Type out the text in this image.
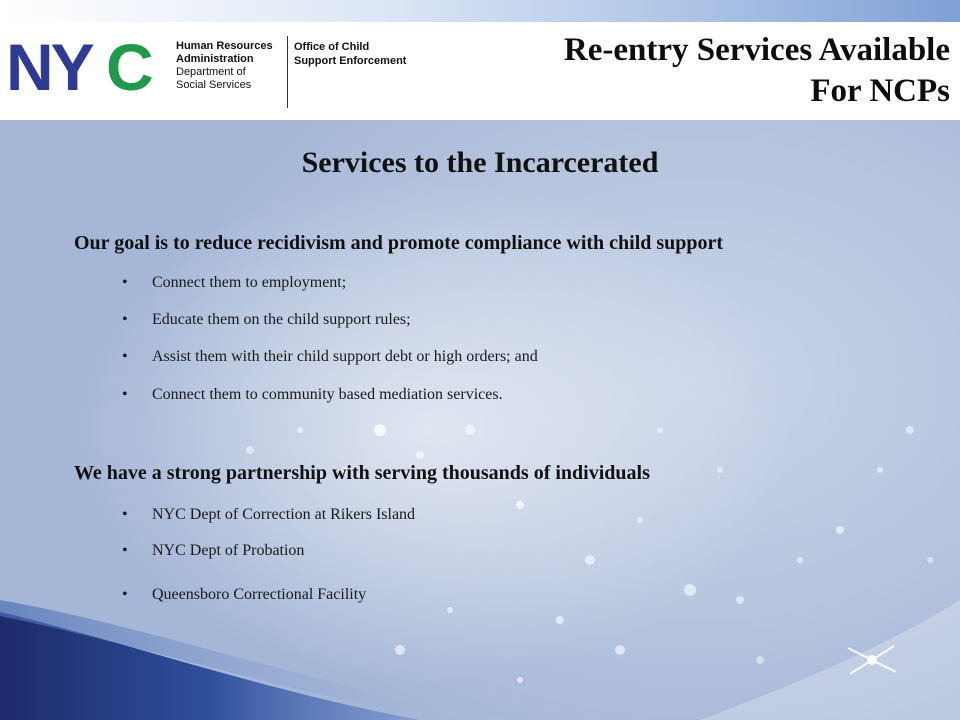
NY C Human Resources
Administration
Department of
Social Services
Office of Child
Support Enforcement	Re-entry Services Available
For NCPs
Services to the Incarcerated
Our goal is to reduce recidivism and promote compliance with child support
• Connect them to employment;
• Educate them on the child support rules;
• Assist them with their child support debt or high orders; and
• Connect them to community based mediation services.
We have a strong partnership with serving thousands of individuals
• NYC Dept of Correction at Rikers Island
• NYC Dept of Probation
• Queensboro Correctional Facility
